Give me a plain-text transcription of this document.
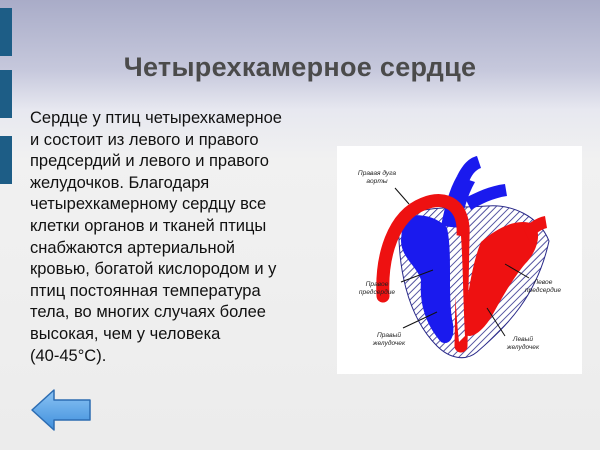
Четырехкамерное сердце
Сердце у птиц четырехкамерное
и состоит из левого и правого
предсердий и левого и правого
желудочков. Благодаря
четырехкамерному сердцу все
клетки органов и тканей птицы
снабжаются артериальной
кровью, богатой кислородом и у
птиц постоянная температура
тела, во многих случаях более
высокая, чем у человека
(40-45°С).
Правая дуга
аорты
Правое
предсердие
Левое
предсердие
Правый
желудочек
Левый
желудочек
